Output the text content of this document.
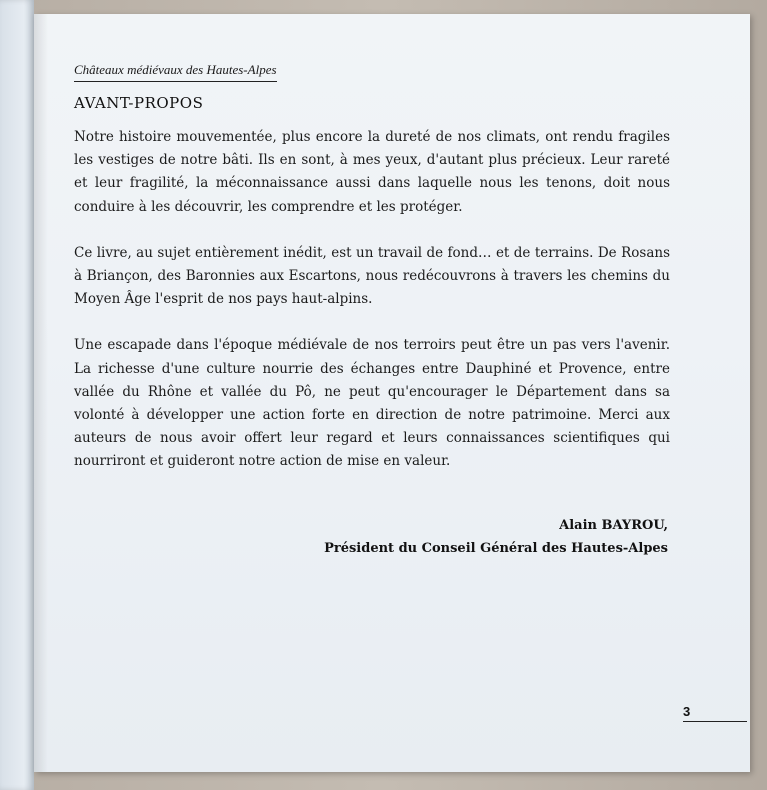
Châteaux médiévaux des Hautes-Alpes
AVANT-PROPOS

Notre histoire mouvementée, plus encore la dureté de nos climats, ont rendu fragiles les vestiges de notre bâti. Ils en sont, à mes yeux, d'autant plus précieux. Leur rareté et leur fragilité, la méconnaissance aussi dans laquelle nous les tenons, doit nous conduire à les découvrir, les comprendre et les protéger.

Ce livre, au sujet entièrement inédit, est un travail de fond… et de terrains. De Rosans à Briançon, des Baronnies aux Escartons, nous redécouvrons à travers les chemins du Moyen Âge l'esprit de nos pays haut-alpins.

Une escapade dans l'époque médiévale de nos terroirs peut être un pas vers l'avenir. La richesse d'une culture nourrie des échanges entre Dauphiné et Provence, entre vallée du Rhône et vallée du Pô, ne peut qu'encourager le Département dans sa volonté à développer une action forte en direction de notre patrimoine. Merci aux auteurs de nous avoir offert leur regard et leurs connaissances scientifiques qui nourriront et guideront notre action de mise en valeur.

Alain BAYROU,
Président du Conseil Général des Hautes-Alpes
3
